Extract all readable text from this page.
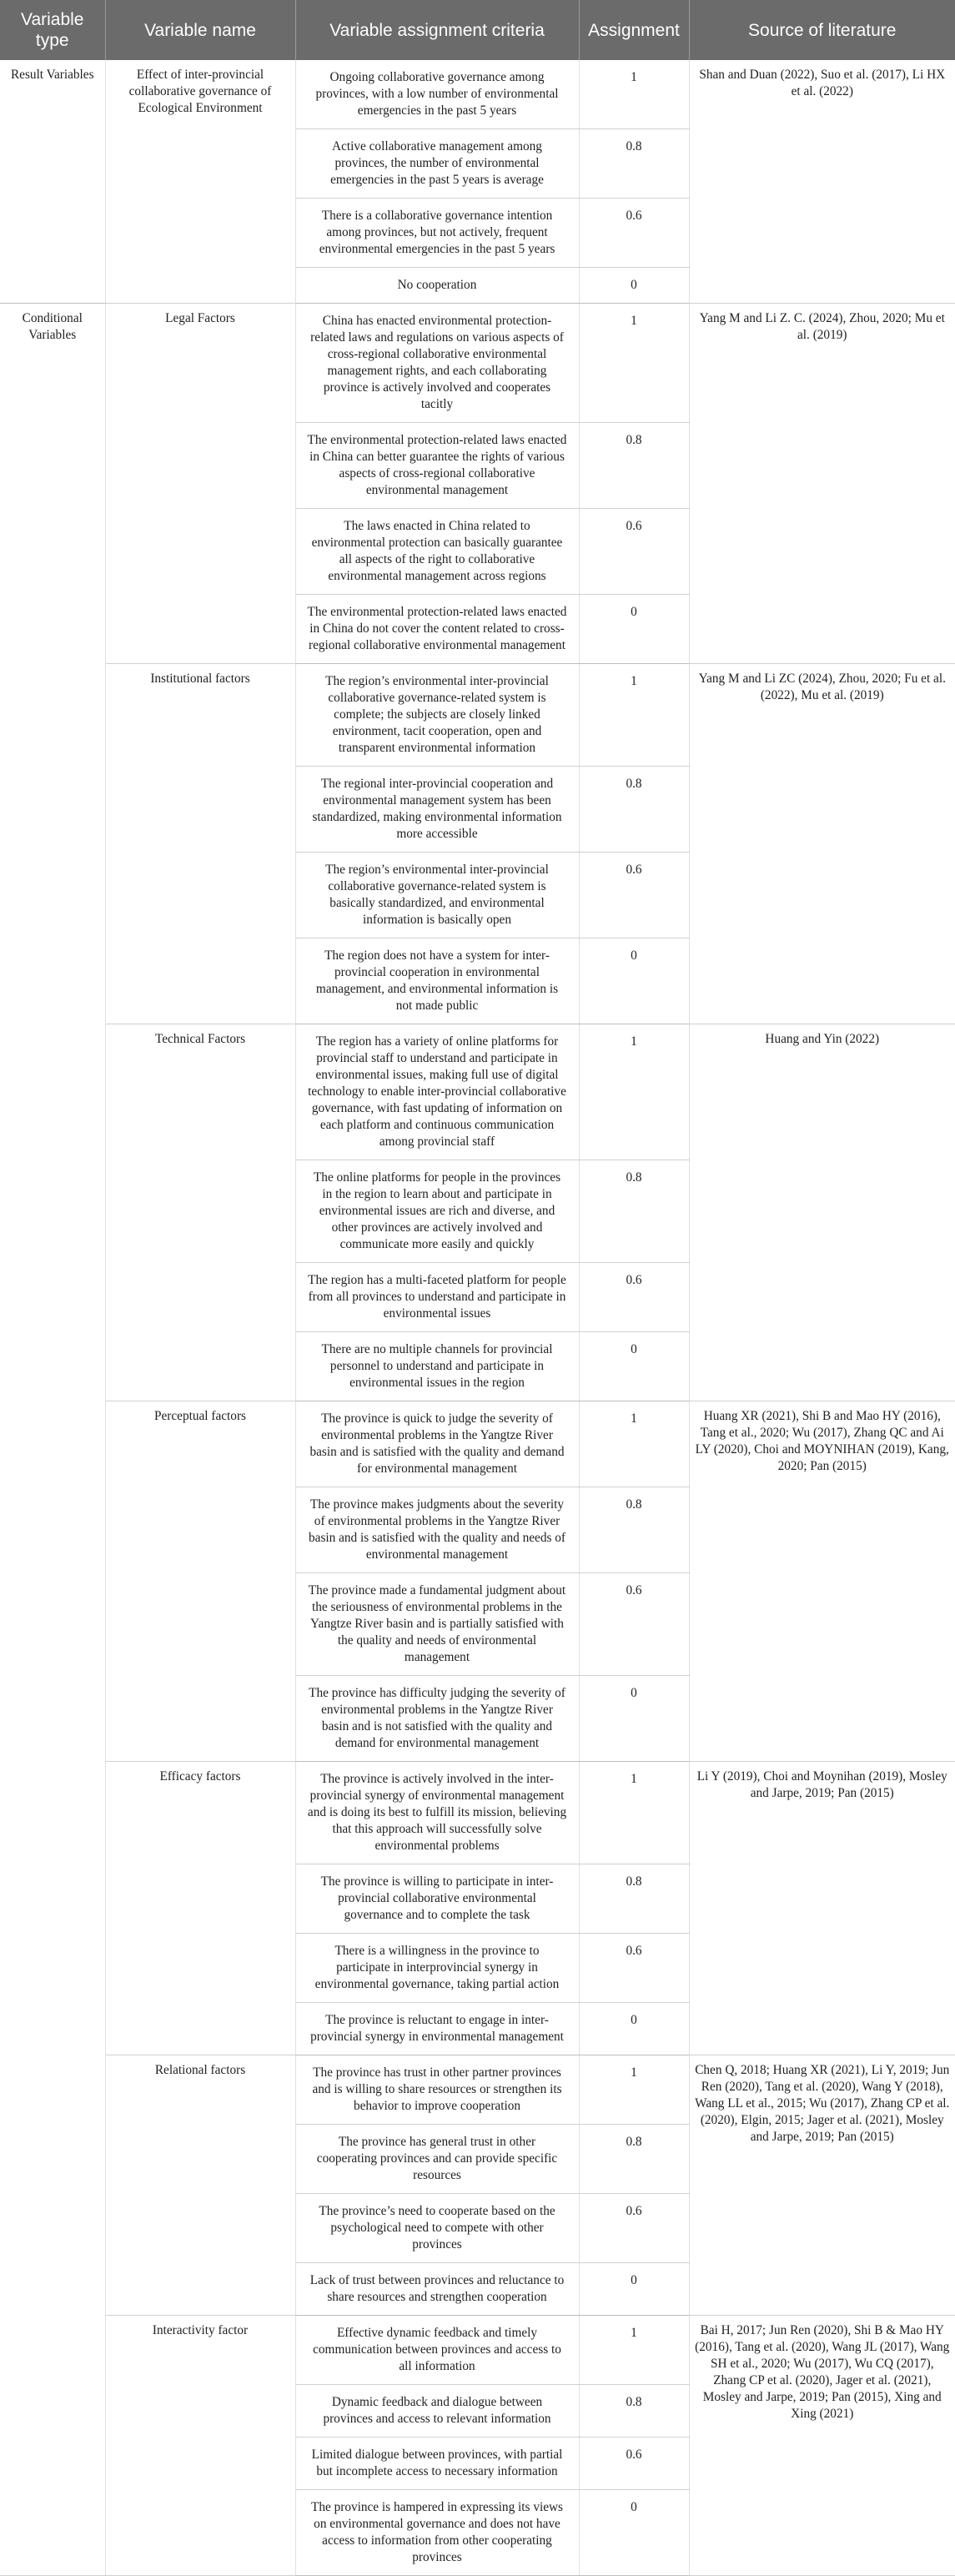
Variable type	Variable name	Variable assignment criteria	Assignment	Source of literature
Result Variables	Effect of inter-provincial collaborative governance of Ecological Environment	Ongoing collaborative governance among provinces, with a low number of environmental emergencies in the past 5 years	1	Shan and Duan (2022), Suo et al. (2017), Li HX et al. (2022)
		Active collaborative management among provinces, the number of environmental emergencies in the past 5 years is average	0.8	
		There is a collaborative governance intention among provinces, but not actively, frequent environmental emergencies in the past 5 years	0.6	
		No cooperation	0	
Conditional Variables	Legal Factors	China has enacted environmental protection-related laws and regulations on various aspects of cross-regional collaborative environmental management rights, and each collaborating province is actively involved and cooperates tacitly	1	Yang M and Li Z. C. (2024), Zhou, 2020; Mu et al. (2019)
		The environmental protection-related laws enacted in China can better guarantee the rights of various aspects of cross-regional collaborative environmental management	0.8	
		The laws enacted in China related to environmental protection can basically guarantee all aspects of the right to collaborative environmental management across regions	0.6	
		The environmental protection-related laws enacted in China do not cover the content related to cross-regional collaborative environmental management	0	
	Institutional factors	The region’s environmental inter-provincial collaborative governance-related system is complete; the subjects are closely linked environment, tacit cooperation, open and transparent environmental information	1	Yang M and Li ZC (2024), Zhou, 2020; Fu et al. (2022), Mu et al. (2019)
		The regional inter-provincial cooperation and environmental management system has been standardized, making environmental information more accessible	0.8	
		The region’s environmental inter-provincial collaborative governance-related system is basically standardized, and environmental information is basically open	0.6	
		The region does not have a system for inter-provincial cooperation in environmental management, and environmental information is not made public	0	
	Technical Factors	The region has a variety of online platforms for provincial staff to understand and participate in environmental issues, making full use of digital technology to enable inter-provincial collaborative governance, with fast updating of information on each platform and continuous communication among provincial staff	1	Huang and Yin (2022)
		The online platforms for people in the provinces in the region to learn about and participate in environmental issues are rich and diverse, and other provinces are actively involved and communicate more easily and quickly	0.8	
		The region has a multi-faceted platform for people from all provinces to understand and participate in environmental issues	0.6	
		There are no multiple channels for provincial personnel to understand and participate in environmental issues in the region	0	
	Perceptual factors	The province is quick to judge the severity of environmental problems in the Yangtze River basin and is satisfied with the quality and demand for environmental management	1	Huang XR (2021), Shi B and Mao HY (2016), Tang et al., 2020; Wu (2017), Zhang QC and Ai LY (2020), Choi and MOYNIHAN (2019), Kang, 2020; Pan (2015)
		The province makes judgments about the severity of environmental problems in the Yangtze River basin and is satisfied with the quality and needs of environmental management	0.8	
		The province made a fundamental judgment about the seriousness of environmental problems in the Yangtze River basin and is partially satisfied with the quality and needs of environmental management	0.6	
		The province has difficulty judging the severity of environmental problems in the Yangtze River basin and is not satisfied with the quality and demand for environmental management	0	
	Efficacy factors	The province is actively involved in the inter-provincial synergy of environmental management and is doing its best to fulfill its mission, believing that this approach will successfully solve environmental problems	1	Li Y (2019), Choi and Moynihan (2019), Mosley and Jarpe, 2019; Pan (2015)
		The province is willing to participate in inter-provincial collaborative environmental governance and to complete the task	0.8	
		There is a willingness in the province to participate in interprovincial synergy in environmental governance, taking partial action	0.6	
		The province is reluctant to engage in inter-provincial synergy in environmental management	0	
	Relational factors	The province has trust in other partner provinces and is willing to share resources or strengthen its behavior to improve cooperation	1	Chen Q, 2018; Huang XR (2021), Li Y, 2019; Jun Ren (2020), Tang et al. (2020), Wang Y (2018), Wang LL et al., 2015; Wu (2017), Zhang CP et al. (2020), Elgin, 2015; Jager et al. (2021), Mosley and Jarpe, 2019; Pan (2015)
		The province has general trust in other cooperating provinces and can provide specific resources	0.8	
		The province’s need to cooperate based on the psychological need to compete with other provinces	0.6	
		Lack of trust between provinces and reluctance to share resources and strengthen cooperation	0	
	Interactivity factor	Effective dynamic feedback and timely communication between provinces and access to all information	1	Bai H, 2017; Jun Ren (2020), Shi B & Mao HY (2016), Tang et al. (2020), Wang JL (2017), Wang SH et al., 2020; Wu (2017), Wu CQ (2017), Zhang CP et al. (2020), Jager et al. (2021), Mosley and Jarpe, 2019; Pan (2015), Xing and Xing (2021)
		Dynamic feedback and dialogue between provinces and access to relevant information	0.8	
		Limited dialogue between provinces, with partial but incomplete access to necessary information	0.6	
		The province is hampered in expressing its views on environmental governance and does not have access to information from other cooperating provinces	0	
